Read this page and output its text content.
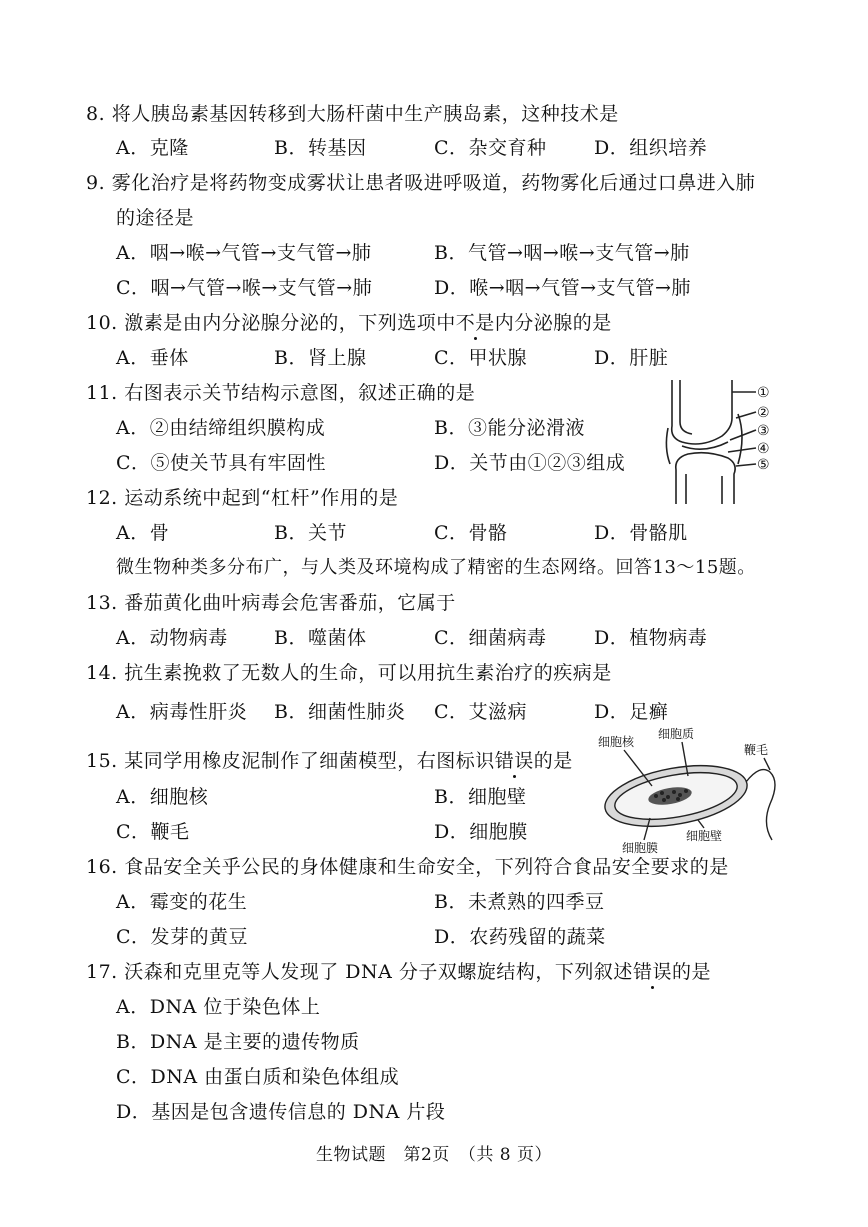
8. 将人胰岛素基因转移到大肠杆菌中生产胰岛素，这种技术是
A．克隆	B．转基因	C．杂交育种 D．组织培养
9. 雾化治疗是将药物变成雾状让患者吸进呼吸道，药物雾化后通过口鼻进入肺
的途径是
A．咽→喉→气管→支气管→肺	B．气管→咽→喉→支气管→肺
C．咽→气管→喉→支气管→肺	D．喉→咽→气管→支气管→肺
10. 激素是由内分泌腺分泌的，下列选项中不是内分泌腺的是
A．垂体	B．肾上腺	C．甲状腺	D．肝脏
11. 右图表示关节结构示意图，叙述正确的是
A．②由结缔组织膜构成	B．③能分泌滑液
C．⑤使关节具有牢固性	D．关节由①②③组成
①
②
③
④
⑤
12. 运动系统中起到“杠杆”作用的是
A．骨	B．关节	C．骨骼	D．骨骼肌
微生物种类多分布广，与人类及环境构成了精密的生态网络。回答13～15题。
13. 番茄黄化曲叶病毒会危害番茄，它属于
A．动物病毒 B．噬菌体	C．细菌病毒 D．植物病毒
14. 抗生素挽救了无数人的生命，可以用抗生素治疗的疾病是
A．病毒性肝炎 B．细菌性肺炎 C．艾滋病	D．足癣
15. 某同学用橡皮泥制作了细菌模型，右图标识错误的是
A．细胞核	B．细胞壁
C．鞭毛	D．细胞膜
细胞核
细胞质
鞭毛
细胞膜
细胞壁
16. 食品安全关乎公民的身体健康和生命安全，下列符合食品安全要求的是
A．霉变的花生	B．未煮熟的四季豆
C．发芽的黄豆	D．农药残留的蔬菜
17. 沃森和克里克等人发现了 DNA 分子双螺旋结构，下列叙述错误的是
A．DNA 位于染色体上
B．DNA 是主要的遗传物质
C．DNA 由蛋白质和染色体组成
D．基因是包含遗传信息的 DNA 片段
生物试题　第2页　（共 8 页）
